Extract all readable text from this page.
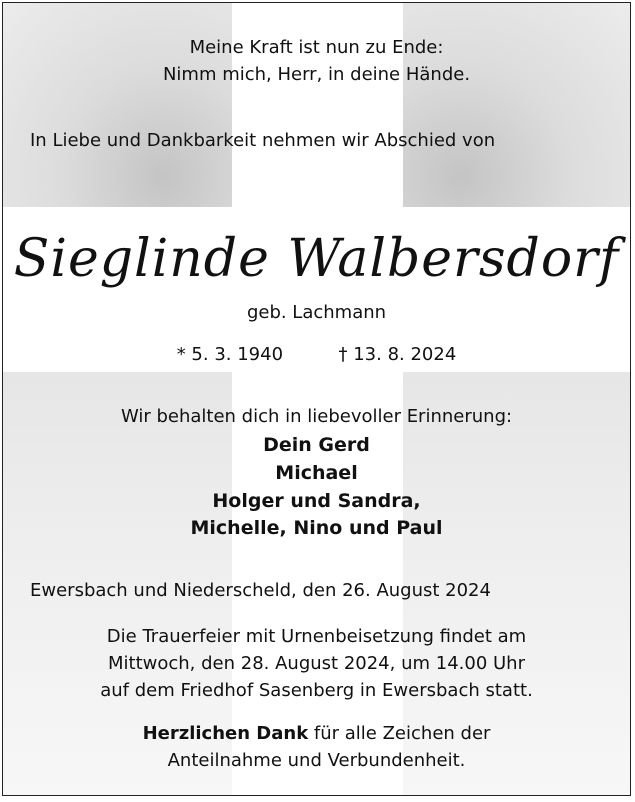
Meine Kraft ist nun zu Ende:
Nimm mich, Herr, in deine Hände.
In Liebe und Dankbarkeit nehmen wir Abschied von
Sieglinde Walbersdorf
geb. Lachmann
* 5. 3. 1940	† 13. 8. 2024
Wir behalten dich in liebevoller Erinnerung:
Dein Gerd
Michael
Holger und Sandra,
Michelle, Nino und Paul
Ewersbach und Niederscheld, den 26. August 2024
Die Trauerfeier mit Urnenbeisetzung findet am
Mittwoch, den 28. August 2024, um 14.00 Uhr
auf dem Friedhof Sasenberg in Ewersbach statt.
Herzlichen Dank für alle Zeichen der
Anteilnahme und Verbundenheit.
